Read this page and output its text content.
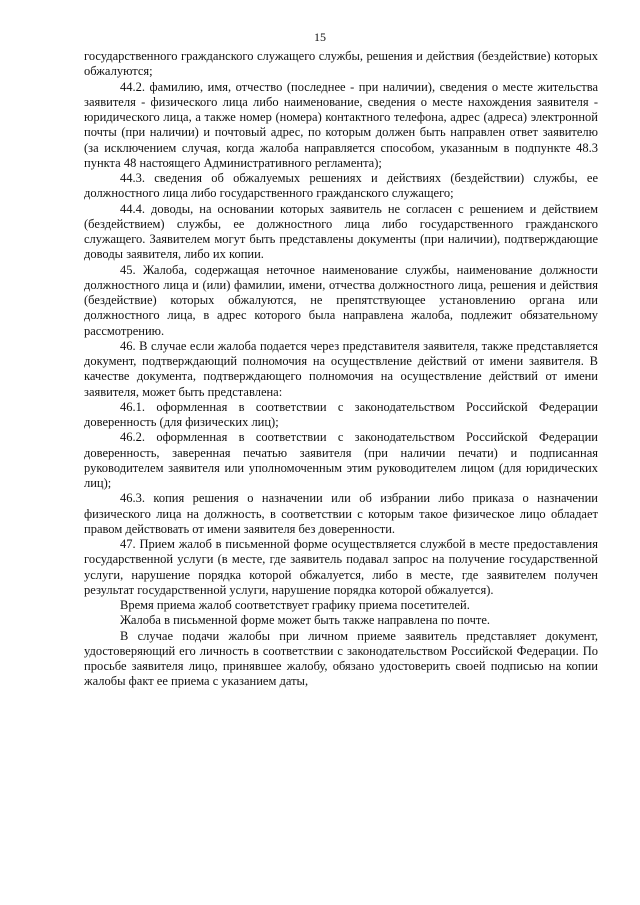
15

государственного гражданского служащего службы, решения и действия (бездействие) которых обжалуются;

44.2. фамилию, имя, отчество (последнее - при наличии), сведения о месте жительства заявителя - физического лица либо наименование, сведения о месте нахождения заявителя - юридического лица, а также номер (номера) контактного телефона, адрес (адреса) электронной почты (при наличии) и почтовый адрес, по которым должен быть направлен ответ заявителю (за исключением случая, когда жалоба направляется способом, указанным в подпункте 48.3 пункта 48 настоящего Административного регламента);

44.3. сведения об обжалуемых решениях и действиях (бездействии) службы, ее должностного лица либо государственного гражданского служащего;

44.4. доводы, на основании которых заявитель не согласен с решением и действием (бездействием) службы, ее должностного лица либо государственного гражданского служащего. Заявителем могут быть представлены документы (при наличии), подтверждающие доводы заявителя, либо их копии.

45. Жалоба, содержащая неточное наименование службы, наименование должности должностного лица и (или) фамилии, имени, отчества должностного лица, решения и действия (бездействие) которых обжалуются, не препятствующее установлению органа или должностного лица, в адрес которого была направлена жалоба, подлежит обязательному рассмотрению.

46. В случае если жалоба подается через представителя заявителя, также представляется документ, подтверждающий полномочия на осуществление действий от имени заявителя. В качестве документа, подтверждающего полномочия на осуществление действий от имени заявителя, может быть представлена:

46.1. оформленная в соответствии с законодательством Российской Федерации доверенность (для физических лиц);

46.2. оформленная в соответствии с законодательством Российской Федерации доверенность, заверенная печатью заявителя (при наличии печати) и подписанная руководителем заявителя или уполномоченным этим руководителем лицом (для юридических лиц);

46.3. копия решения о назначении или об избрании либо приказа о назначении физического лица на должность, в соответствии с которым такое физическое лицо обладает правом действовать от имени заявителя без доверенности.

47. Прием жалоб в письменной форме осуществляется службой в месте предоставления государственной услуги (в месте, где заявитель подавал запрос на получение государственной услуги, нарушение порядка которой обжалуется, либо в месте, где заявителем получен результат государственной услуги, нарушение порядка которой обжалуется).

Время приема жалоб соответствует графику приема посетителей.

Жалоба в письменной форме может быть также направлена по почте.

В случае подачи жалобы при личном приеме заявитель представляет документ, удостоверяющий его личность в соответствии с законодательством Российской Федерации. По просьбе заявителя лицо, принявшее жалобу, обязано удостоверить своей подписью на копии жалобы факт ее приема с указанием даты,
